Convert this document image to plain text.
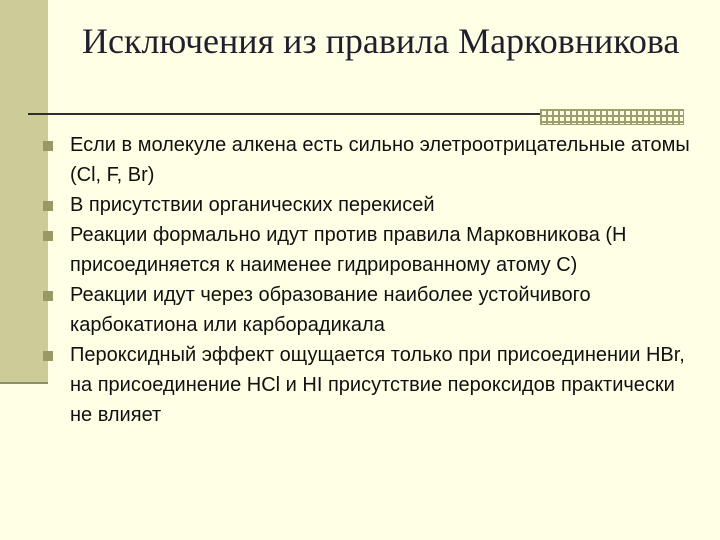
Исключения из правила Марковникова
Если в молекуле алкена есть сильно элетроотрицательные атомы (Cl, F, Br)
В присутствии органических перекисей
Реакции формально идут против правила Марковникова (Н присоединяется к наименее гидрированному атому С)
Реакции идут через образование наиболее устойчивого карбокатиона или карборадикала
Пероксидный эффект ощущается только при присоединении HBr, на присоединение HCl и HI присутствие пероксидов практически не влияет
